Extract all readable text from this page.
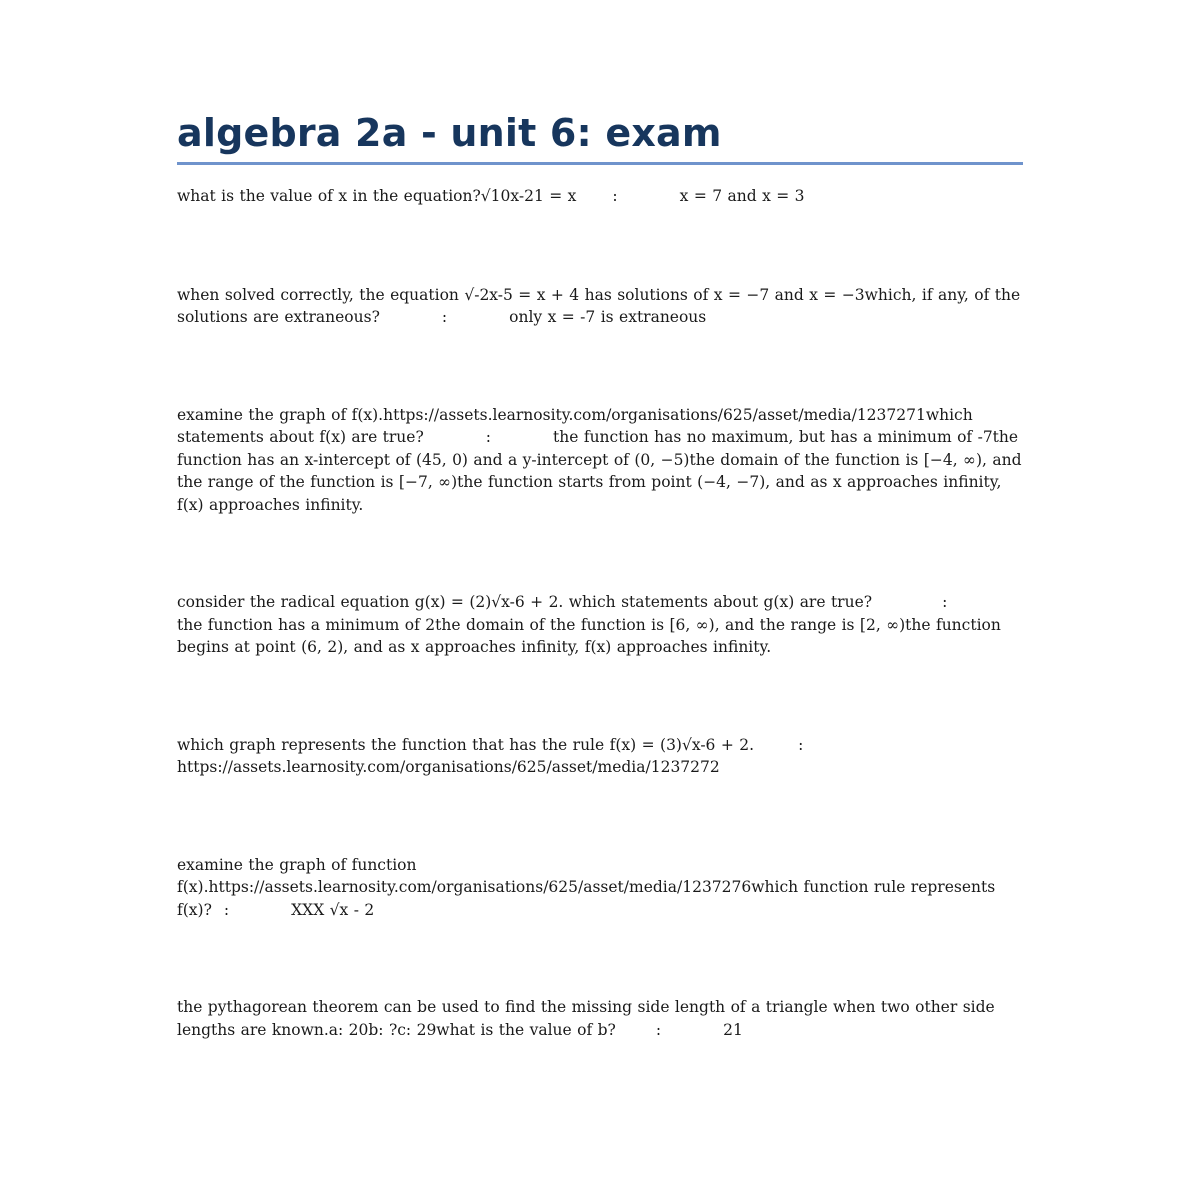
algebra 2a - unit 6: exam

what is the value of x in the equation?√10x-21 = x :	x = 7 and x = 3

when solved correctly, the equation √-2x-5 = x + 4 has solutions of x = −7 and x = −3which, if any, of the solutions are extraneous?	:	only x = -7 is extraneous

examine the graph of f(x).https://assets.learnosity.com/organisations/625/asset/media/1237271which statements about f(x) are true?	:	the function has no maximum, but has a minimum of -7the function has an x-intercept of (45, 0) and a y-intercept of (0, −5)the domain of the function is [−4, ∞), and the range of the function is [−7, ∞)the function starts from point (−4, −7), and as x approaches infinity, f(x) approaches infinity.

consider the radical equation g(x) = (2)√x-6 + 2. which statements about g(x) are true?	:the function has a minimum of 2the domain of the function is [6, ∞), and the range is [2, ∞)the function begins at point (6, 2), and as x approaches infinity, f(x) approaches infinity.

which graph represents the function that has the rule f(x) = (3)√x-6 + 2.	:https://assets.learnosity.com/organisations/625/asset/media/1237272

examine the graph of function f(x).https://assets.learnosity.com/organisations/625/asset/media/1237276which function rule represents f(x)? :	XXX √x - 2

the pythagorean theorem can be used to find the missing side length of a triangle when two other side lengths are known.a: 20b: ?c: 29what is the value of b?	:	21
